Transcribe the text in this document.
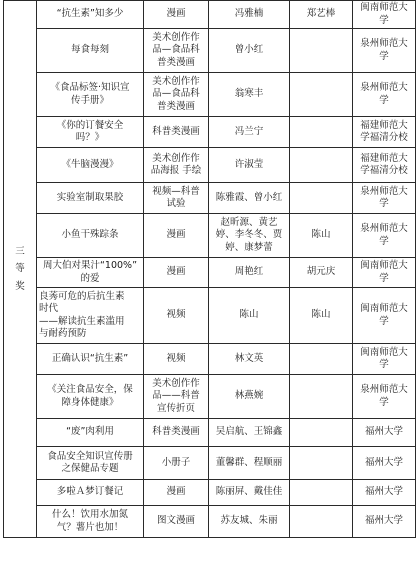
三
等
奖	“抗生素”知多少	漫画	冯雅楠	郑艺棒	闽南师范大
学
	每食每刻	美术创作作
品—食品科
普类漫画	曾小红		泉州师范大
学
	《食品标签·知识宣
传手册》	美术创作作
品—食品科
普类漫画	翁寒丰		泉州师范大
学
	《你的订餐安全
吗？》	科普类漫画	冯兰宁		福建师范大
学福清分校
	《牛脑漫漫》	美术创作作
品海报 手绘	许淑莹		福建师范大
学福清分校
	实验室制取果胶	视频—科普
试验	陈雅霞、曾小红		泉州师范大
学
	小鱼干殊踪条	漫画	赵昕源、黄艺
婷、李冬冬、贾
婷、康梦蕾	陈山	泉州师范大
学
	周大伯对果汁“100%”
的爱	漫画	周艳红	胡元庆	闽南师范大
学
	良莠可危的后抗生素
时代
——解读抗生素滥用
与耐药预防	视频	陈山	陈山	闽南师范大
学
	正确认识“抗生素”	视频	林文英		闽南师范大
学
	《关注食品安全，保
障身体健康》	美术创作作
品——科普
宣传折页	林燕婉		泉州师范大
学
	“废”肉利用	科普类漫画	吴启航、王锦鑫		福州大学
	食品安全知识宣传册
之保健品专题	小册子	董馨群、程顺丽		福州大学
	多啦Ａ梦订餐记	漫画	陈丽屏、戴佳佳		福州大学
	什么！饮用水加氮
气？薯片也加！	图文漫画	苏友城、朱丽		福州大学
